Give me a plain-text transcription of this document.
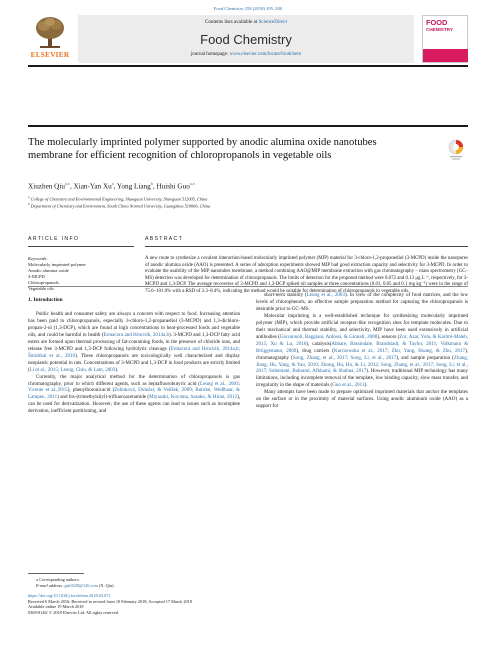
Food Chemistry 258 (2018) 295–300
ELSEVIER
Contents lists available at ScienceDirect
Food Chemistry
journal homepage: www.elsevier.com/locate/foodchem
FOOD
CHEMISTRY
The molecularly imprinted polymer supported by anodic alumina oxide nanotubes membrane for efficient recognition of chloropropanols in vegetable oils
Xiuzhen Qiu$^{a,⁎}$, Xian-Yan Xu$^a$, Yong Liang$^b$, Huishi Guo$^{a,⁎}$
$^a$ College of Chemistry and Environmental Engineering, Shaoguan University, Shaoguan 512005, China
$^b$ Department of Chemistry and Environment, South China Normal University, Guangzhou 510006, China
ARTICLE INFO	ABSTRACT
Keywords:
Molecularly imprinted polymer
Anodic alumina oxide
3-MCPD
Chloropropanols
Vegetable oils
A new route to synthesize a covalent interaction-based molecularly imprinted polymer (MIP) material for 3-chloro-1,2-propanediol (3-MCPD) inside the nanopores of anodic alumina oxide (AAO) is presented. A series of adsorption experiments showed MIP had good extraction capacity and selectivity for 3-MCPD. In order to evaluate the usability of the MIP nanotubes membrane, a method combining AAO@MIP membrane extraction with gas chromatography – mass spectrometry (GC–MS) detection was developed for determination of chloropropanols. The limits of detection for the proposed method were 0.072 and 0.13 μg L⁻¹, respectively, for 3-MCPD and 1,3-DCP. The average recoveries of 3-MCPD and 1,3-DCP spiked oil samples at three concentrations (0.01, 0.05 and 0.1 mg kg⁻¹) were in the range of 75.6–101.0% with a RSD of 3.3–8.4%, indicating the method would be suitable for determination of chloropropanols in vegetable oils.
1. Introduction

Public health and consumer safety are always a concern with respect to food. Increasing attention has been paid to chloropropanols, especially 3-chloro-1,2-propanediol (3-MCPD) and 1,3-dichloro-propan-2-ol (1,3-DCP), which are found at high concentrations in heat-processed foods and vegetable oils, and could be harmful to health (Ermacora and Hrncirik, 2014a,b). 3-MCPD and 1,3-DCP fatty acid esters are formed upon thermal processing of fat-containing foods, in the presence of chloride ions, and release free 3-MCPD and 1,3-DCP following hydrolytic cleavage (Ermacora and Hrncirik, 2014a,b; Šmidrkal et al., 2016). These chloropropanols are toxicologically well characterized and display neoplastic potential in rats. Concentrations of 3-MCPD and 1,3-DCP in food products are strictly limited (Li et al., 2015; Leung, Chiu, & Lam, 2003).

Currently, the major analytical method for the determination of chloropropanols is gas chromatography, prior to which different agents, such as heptafluorobutyric acid (Leung et al., 2003; Vicente et al.,2015), phenylboronicacid (Zelinková, Doležal, & Velíšek, 2009; Buhrke, Weißhaar, & Lampen, 2011) and bis-(trimethylsilyl)-trifluoroacetamide (Miyazaki, Koyama, Sasako, & Hirao, 2012), can be used for derivatization. However, the use of these agents can lead to issues such as incomplete derivation, inefficient partitioning, and

short-term stability (Leung et al., 2003). In view of the complexity of food matrices, and the low levels of chlorophenols, an effective sample preparation method for capturing the chloropropanols is desirable prior to GC–MS.

Molecular imprinting is a well-established technique for synthesizing molecularly imprinted polymer (MIP), which provide artificial receptor-like recognition sites for template molecules. Due to their mechanical and thermal stability, and selectivity, MIP have been used extensively in artificial antibodies (Giovannoli, Baggiani, Anfossi, & Giraudi, 2008), sensors (Zor, Azar, Yola, & Karimi-Maleh, 2015; Xu & Lu, 2016), catalysis(Abbate, Bassindale, Brandstadt, & Taylor, 2011; Volkmann & Brüggemann, 2006), drug carriers (Kurczewska et al., 2017; Zhu, Yang, Huang, & Zhu, 2017), chromatography (Song, Zhang, et al., 2017; Song, Li, et al., 2017), and sample preparation (Zhang, Jiang, Hu, Yang, & Yao, 2010; Zhong, Hu, Hu, & Li, 2012; Song, Zhang, et al., 2017; Song, Li, et al., 2017; Soleimani, Bahrami, Afkhami, & Shabna, 2017). However, traditional MIP technology has many limitations, including incomplete removal of the template, low binding capacity, slow mass transfer, and irregularity in the shape of materials (Guo et al., 2011).

Many attempts have been made to prepare optimized imprinted materials that anchor the templates on the surface or in the proximity of material surfaces. Using anodic aluminum oxide (AAO) as a support for

⁎ Corresponding authors.
E-mail address: gsh0228@126.com (X. Qiu).
https://doi.org/10.1016/j.foodchem.2018.03.071
Received 6 March 2016; Received in revised form 10 February 2018; Accepted 17 March 2018
Available online 19 March 2018
0308-8146/ © 2018 Elsevier Ltd. All rights reserved.
